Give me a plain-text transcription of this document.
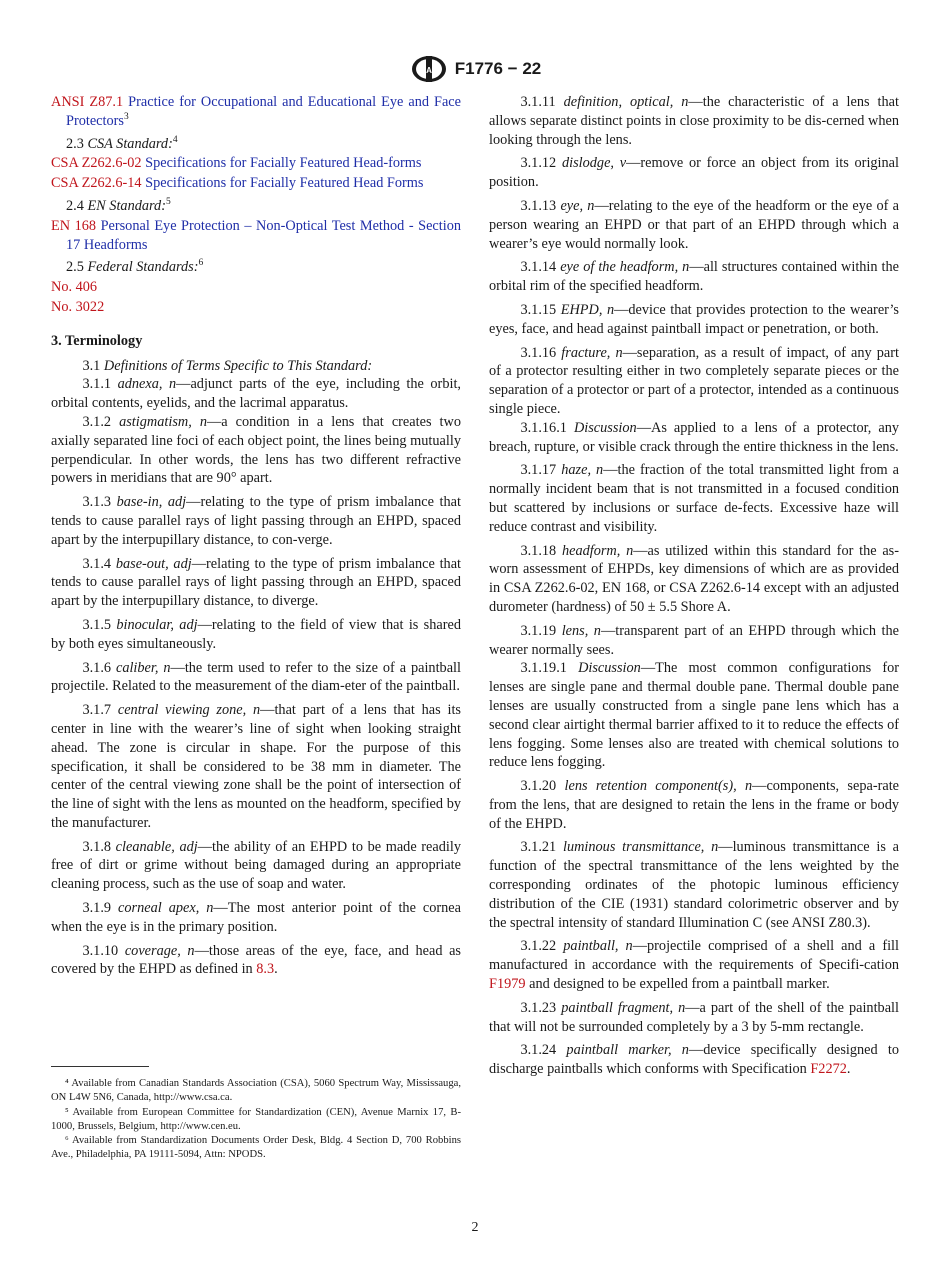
A F1776 − 22

ANSI Z87.1 Practice for Occupational and Educational Eye and Face Protectors$^3$

2.3 CSA Standard:$^4$

CSA Z262.6-02 Specifications for Facially Featured Head-forms

CSA Z262.6-14 Specifications for Facially Featured Head Forms

2.4 EN Standard:$^5$

EN 168 Personal Eye Protection – Non-Optical Test Method - Section 17 Headforms

2.5 Federal Standards:$^6$

No. 406

No. 3022

3. Terminology

3.1 Definitions of Terms Specific to This Standard:

3.1.1 adnexa, n—adjunct parts of the eye, including the orbit, orbital contents, eyelids, and the lacrimal apparatus.

3.1.2 astigmatism, n—a condition in a lens that creates two axially separated line foci of each object point, the lines being mutually perpendicular. In other words, the lens has two different refractive powers in meridians that are 90° apart.

3.1.3 base-in, adj—relating to the type of prism imbalance that tends to cause parallel rays of light passing through an EHPD, spaced apart by the interpupillary distance, to con-verge.

3.1.4 base-out, adj—relating to the type of prism imbalance that tends to cause parallel rays of light passing through an EHPD, spaced apart by the interpupillary distance, to diverge.

3.1.5 binocular, adj—relating to the field of view that is shared by both eyes simultaneously.

3.1.6 caliber, n—the term used to refer to the size of a paintball projectile. Related to the measurement of the diam-eter of the paintball.

3.1.7 central viewing zone, n—that part of a lens that has its center in line with the wearer’s line of sight when looking straight ahead. The zone is circular in shape. For the purpose of this specification, it shall be considered to be 38 mm in diameter. The center of the central viewing zone shall be the point of intersection of the line of sight with the lens as mounted on the headform, specified by the manufacturer.

3.1.8 cleanable, adj—the ability of an EHPD to be made readily free of dirt or grime without being damaged during an appropriate cleaning process, such as the use of soap and water.

3.1.9 corneal apex, n—The most anterior point of the cornea when the eye is in the primary position.

3.1.10 coverage, n—those areas of the eye, face, and head as covered by the EHPD as defined in 8.3.

⁴ Available from Canadian Standards Association (CSA), 5060 Spectrum Way, Mississauga, ON L4W 5N6, Canada, http://www.csa.ca.

⁵ Available from European Committee for Standardization (CEN), Avenue Marnix 17, B-1000, Brussels, Belgium, http://www.cen.eu.

⁶ Available from Standardization Documents Order Desk, Bldg. 4 Section D, 700 Robbins Ave., Philadelphia, PA 19111-5094, Attn: NPODS.

3.1.11 definition, optical, n—the characteristic of a lens that allows separate distinct points in close proximity to be dis-cerned when looking through the lens.

3.1.12 dislodge, v—remove or force an object from its original position.

3.1.13 eye, n—relating to the eye of the headform or the eye of a person wearing an EHPD or that part of an EHPD through which a wearer’s eye would normally look.

3.1.14 eye of the headform, n—all structures contained within the orbital rim of the specified headform.

3.1.15 EHPD, n—device that provides protection to the wearer’s eyes, face, and head against paintball impact or penetration, or both.

3.1.16 fracture, n—separation, as a result of impact, of any part of a protector resulting either in two completely separate pieces or the separation of a protector or part of a protector, intended as a continuous single piece.

3.1.16.1 Discussion—As applied to a lens of a protector, any breach, rupture, or visible crack through the entire thickness in the lens.

3.1.17 haze, n—the fraction of the total transmitted light from a normally incident beam that is not transmitted in a focused condition but scattered by inclusions or surface de-fects. Excessive haze will reduce contrast and visibility.

3.1.18 headform, n—as utilized within this standard for the as-worn assessment of EHPDs, key dimensions of which are as provided in CSA Z262.6-02, EN 168, or CSA Z262.6-14 except with an adjusted durometer (hardness) of 50 ± 5.5 Shore A.

3.1.19 lens, n—transparent part of an EHPD through which the wearer normally sees.

3.1.19.1 Discussion—The most common configurations for lenses are single pane and thermal double pane. Thermal double pane lenses are usually constructed from a single pane lens which has a second clear airtight thermal barrier affixed to it to reduce the effects of lens fogging. Some lenses also are treated with chemical solutions to reduce lens fogging.

3.1.20 lens retention component(s), n—components, sepa-rate from the lens, that are designed to retain the lens in the frame or body of the EHPD.

3.1.21 luminous transmittance, n—luminous transmittance is a function of the spectral transmittance of the lens weighted by the corresponding ordinates of the photopic luminous efficiency distribution of the CIE (1931) standard colorimetric observer and by the spectral intensity of standard Illumination C (see ANSI Z80.3).

3.1.22 paintball, n—projectile comprised of a shell and a fill manufactured in accordance with the requirements of Specifi-cation F1979 and designed to be expelled from a paintball marker.

3.1.23 paintball fragment, n—a part of the shell of the paintball that will not be surrounded completely by a 3 by 5-mm rectangle.

3.1.24 paintball marker, n—device specifically designed to discharge paintballs which conforms with Specification F2272.

2
